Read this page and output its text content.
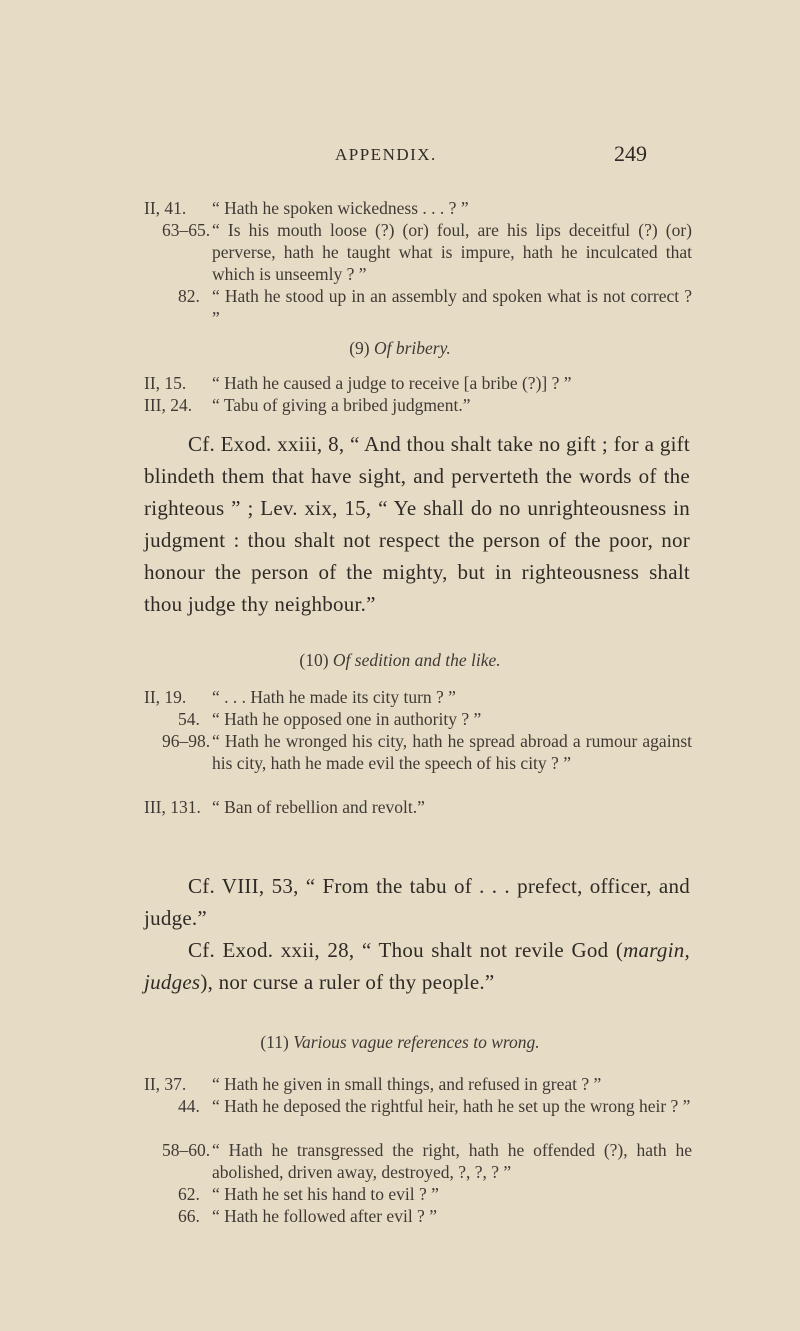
APPENDIX.	249
II, 41. “ Hath he spoken wickedness . . . ? ”
63–65. “ Is his mouth loose (?) (or) foul, are his lips deceitful (?) (or) perverse, hath he taught what is impure, hath he inculcated that which is unseemly ? ”
82. “ Hath he stood up in an assembly and spoken what is not correct ? ”
(9) Of bribery.
II, 15. “ Hath he caused a judge to receive [a bribe (?)] ? ”
III, 24. “ Tabu of giving a bribed judgment.”
Cf. Exod. xxiii, 8, “ And thou shalt take no gift ; for a gift blindeth them that have sight, and perverteth the words of the righteous ” ; Lev. xix, 15, “ Ye shall do no unrighteousness in judgment : thou shalt not respect the person of the poor, nor honour the person of the mighty, but in righteousness shalt thou judge thy neighbour.”
(10) Of sedition and the like.
II, 19. “ . . . Hath he made its city turn ? ”
54. “ Hath he opposed one in authority ? ”
96–98. “ Hath he wronged his city, hath he spread abroad a rumour against his city, hath he made evil the speech of his city ? ”
III, 131. “ Ban of rebellion and revolt.”
Cf. VIII, 53, “ From the tabu of . . . prefect, officer, and judge.”
Cf. Exod. xxii, 28, “ Thou shalt not revile God (margin, judges), nor curse a ruler of thy people.”
(11) Various vague references to wrong.
II, 37. “ Hath he given in small things, and refused in great ? ”
44. “ Hath he deposed the rightful heir, hath he set up the wrong heir ? ”
58–60. “ Hath he transgressed the right, hath he offended (?), hath he abolished, driven away, destroyed, ?, ?, ? ”
62. “ Hath he set his hand to evil ? ”
66. “ Hath he followed after evil ? ”
